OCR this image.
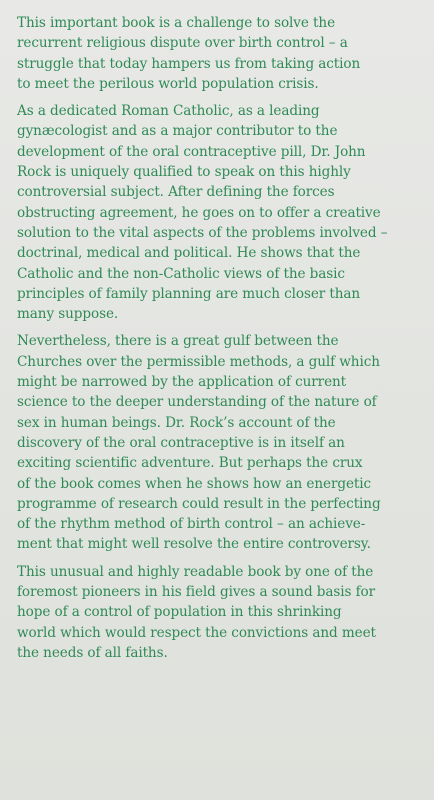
This important book is a challenge to solve the
recurrent religious dispute over birth control – a
struggle that today hampers us from taking action
to meet the perilous world population crisis.

As a dedicated Roman Catholic, as a leading
gynæcologist and as a major contributor to the
development of the oral contraceptive pill, Dr. John
Rock is uniquely qualified to speak on this highly
controversial subject. After defining the forces
obstructing agreement, he goes on to offer a creative
solution to the vital aspects of the problems involved –
doctrinal, medical and political. He shows that the
Catholic and the non-Catholic views of the basic
principles of family planning are much closer than
many suppose.

Nevertheless, there is a great gulf between the
Churches over the permissible methods, a gulf which
might be narrowed by the application of current
science to the deeper understanding of the nature of
sex in human beings. Dr. Rock’s account of the
discovery of the oral contraceptive is in itself an
exciting scientific adventure. But perhaps the crux
of the book comes when he shows how an energetic
programme of research could result in the perfecting
of the rhythm method of birth control – an achieve-
ment that might well resolve the entire controversy.

This unusual and highly readable book by one of the
foremost pioneers in his field gives a sound basis for
hope of a control of population in this shrinking
world which would respect the convictions and meet
the needs of all faiths.
